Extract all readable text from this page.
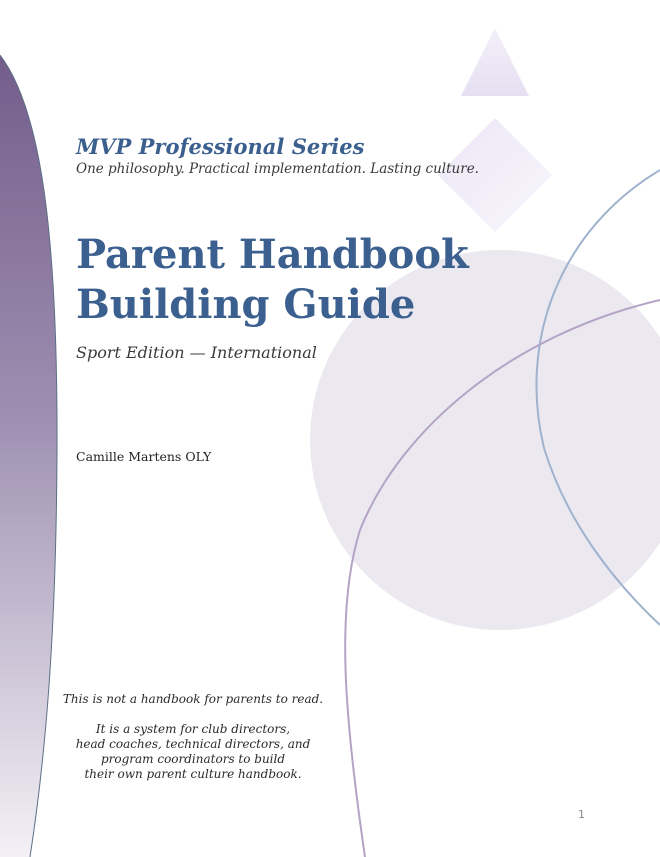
MVP Professional Series
One philosophy. Practical implementation. Lasting culture.
Parent Handbook
Building Guide
Sport Edition — International
Camille Martens OLY

This is not a handbook for parents to read.

It is a system for club directors,
head coaches, technical directors, and
program coordinators to build
their own parent culture handbook.

1
